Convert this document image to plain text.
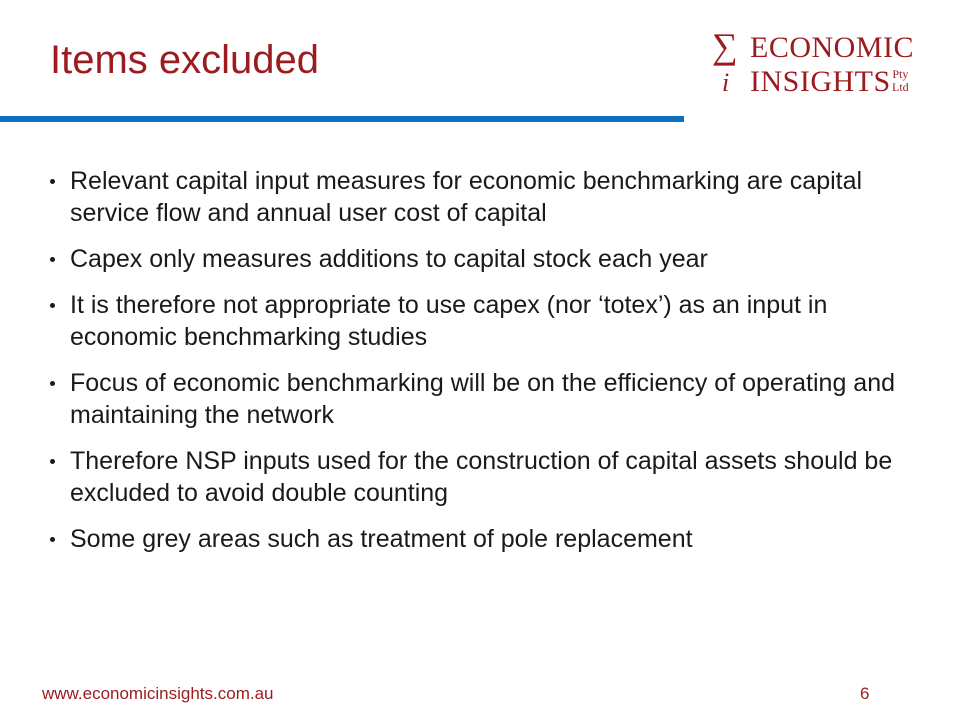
Items excluded	∑
i
ECONOMIC
INSIGHTS Pty
Ltd
Relevant capital input measures for economic benchmarking are capital service flow and annual user cost of capital
Capex only measures additions to capital stock each year
It is therefore not appropriate to use capex (nor ‘totex’) as an input in economic benchmarking studies
Focus of economic benchmarking will be on the efficiency of operating and maintaining the network
Therefore NSP inputs used for the construction of capital assets should be excluded to avoid double counting
Some grey areas such as treatment of pole replacement
www.economicinsights.com.au	6
